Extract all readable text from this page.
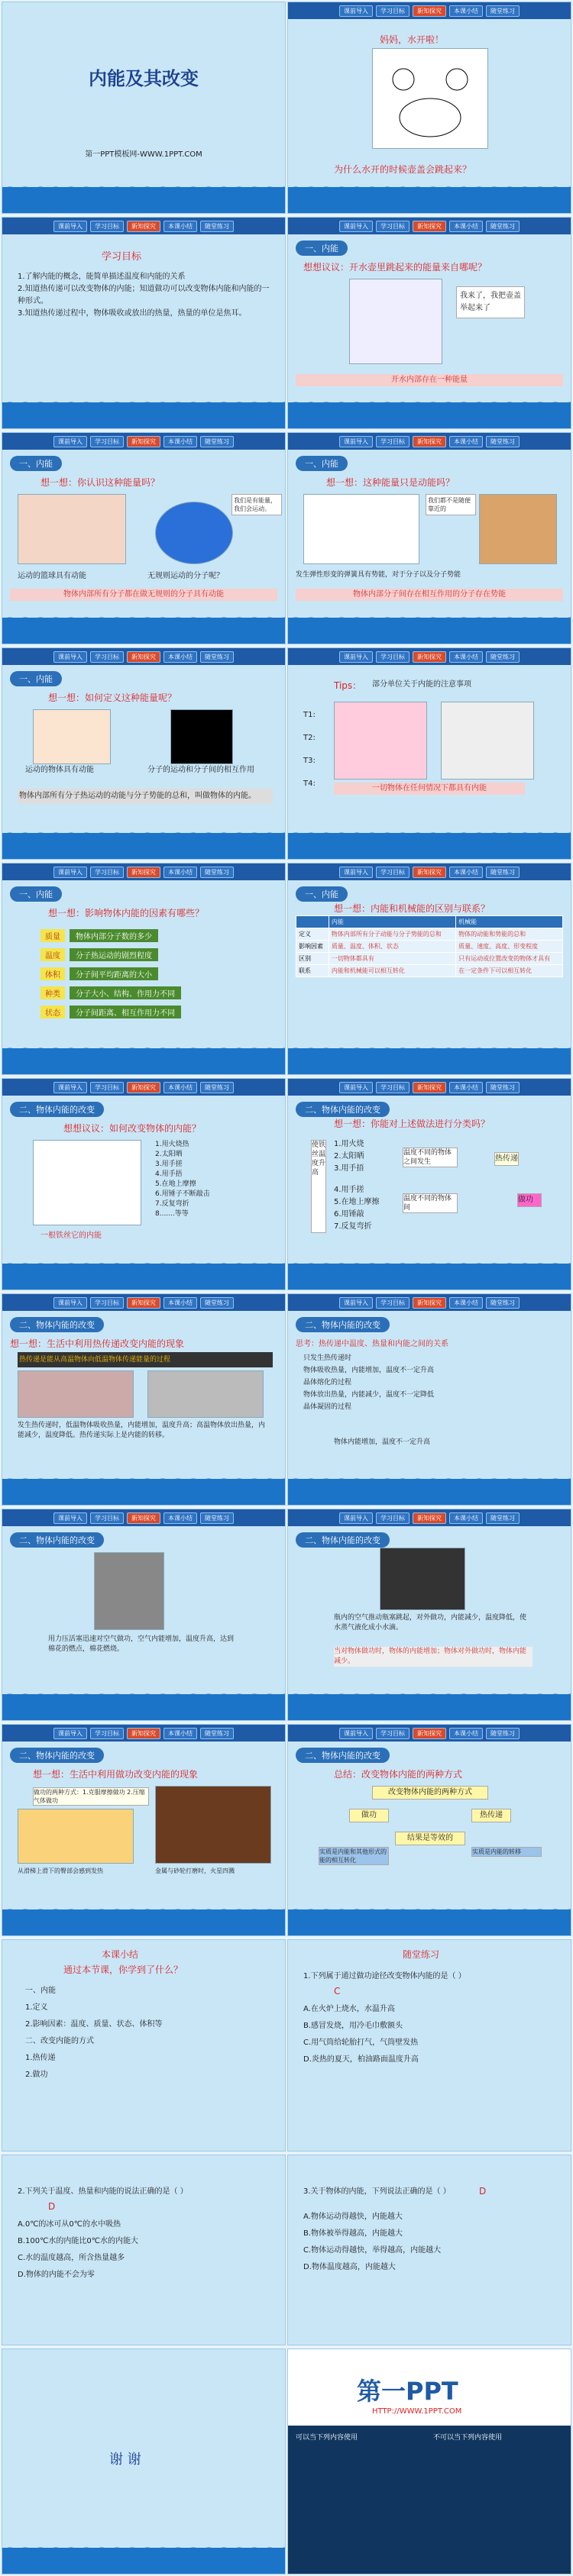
内能及其改变
第一PPT模板网-WWW.1PPT.COM
课前导入	学习目标	新知探究	本课小结	随堂练习
妈妈，水开啦！
为什么水开的时候壶盖会跳起来？
课前导入	学习目标	新知探究	本课小结	随堂练习
学习目标
1.了解内能的概念，能简单描述温度和内能的关系
2.知道热传递可以改变物体的内能；知道做功可以改变物体内能和内能的一种形式。
3.知道热传递过程中，物体吸收或放出的热量，热量的单位是焦耳。
课前导入	学习目标	新知探究	本课小结	随堂练习
一、内能
想想议议：开水壶里跳起来的能量来自哪呢？
我来了，我把壶盖举起来了
开水内部存在一种能量
课前导入	学习目标	新知探究	本课小结	随堂练习
一、内能
想一想：你认识这种能量吗？
我们是有能量，我们会运动。
运动的篮球具有动能	无规则运动的分子呢？
物体内部所有分子都在做无规则的分子具有动能
课前导入	学习目标	新知探究	本课小结	随堂练习
一、内能
想一想：这种能量只是动能吗？
我们都不是随便靠近的
发生弹性形变的弹簧具有势能，对于分子以及分子势能
物体内部分子间存在相互作用的分子存在势能
课前导入	学习目标	新知探究	本课小结	随堂练习
一、内能
想一想：如何定义这种能量呢？
运动的物体具有动能	分子的运动和分子间的相互作用
物体内部所有分子热运动的动能与分子势能的总和，叫做物体的内能。
课前导入	学习目标	新知探究	本课小结	随堂练习
Tips： 部分单位关于内能的注意事项
T1:
T2:
T3:
T4:
一切物体在任何情况下都具有内能
课前导入	学习目标	新知探究	本课小结	随堂练习
一、内能
想一想：影响物体内能的因素有哪些？
质量 物体内部分子数的多少
温度 分子热运动的剧烈程度
体积 分子间平均距离的大小
种类 分子大小、结构、作用力不同
状态 分子间距离、相互作用力不同
课前导入	学习目标	新知探究	本课小结	随堂练习
一、内能
想一想：内能和机械能的区别与联系？
	内能	机械能
定义	物体内部所有分子动能与分子势能的总和	物体的动能和势能的总和
影响因素	质量、温度、体积、状态	质量、速度、高度、形变程度
区别	一切物体都具有	只有运动或位置改变的物体才具有
联系	内能和机械能可以相互转化	在一定条件下可以相互转化
课前导入	学习目标	新知探究	本课小结	随堂练习
二、物体内能的改变
想想议议：如何改变物体的内能？
1.用火烧热
2.太阳晒
3.用手搓
4.用手捂
5.在地上摩擦
6.用锤子不断敲击
7.反复弯折
8.......等等
一根铁丝它的内能
课前导入	学习目标	新知探究	本课小结	随堂练习
二、物体内能的改变
想一想：你能对上述做法进行分类吗？
使铁丝温度升高
1.用火烧
2.太阳晒
3.用手捂
4.用手搓
5.在地上摩擦
6.用锤敲
7.反复弯折
温度不同的物体之间发生
温度不同的物体间
热传递
做功
课前导入	学习目标	新知探究	本课小结	随堂练习
二、物体内能的改变
想一想：生活中利用热传递改变内能的现象
热传递是能从高温物体向低温物体传递能量的过程
发生热传递时，低温物体吸收热量，内能增加，温度升高；高温物体放出热量，内能减少，温度降低。热传递实际上是内能的转移。
课前导入	学习目标	新知探究	本课小结	随堂练习
二、物体内能的改变
思考：热传递中温度、热量和内能之间的关系
只发生热传递时
物体吸收热量，内能增加，温度不一定升高
晶体熔化的过程
物体放出热量，内能减少，温度不一定降低
晶体凝固的过程
物体内能增加，温度不一定升高
课前导入	学习目标	新知探究	本课小结	随堂练习
二、物体内能的改变
用力压活塞迅速对空气做功，空气内能增加，温度升高，达到棉花的燃点，棉花燃烧。
课前导入	学习目标	新知探究	本课小结	随堂练习
二、物体内能的改变
瓶内的空气推动瓶塞跳起，对外做功，内能减少，温度降低，使水蒸气液化成小水滴。
当对物体做功时，物体的内能增加；物体对外做功时，物体内能减少。
课前导入	学习目标	新知探究	本课小结	随堂练习
二、物体内能的改变
想一想：生活中利用做功改变内能的现象
做功的两种方式：1.克服摩擦做功 2.压缩气体做功
从滑梯上滑下的臀部会感到发热	金属与砂轮打磨时，火星四溅
课前导入	学习目标	新知探究	本课小结	随堂练习
二、物体内能的改变
总结：改变物体内能的两种方式
改变物体内能的两种方式
做功	热传递
结果是等效的
实质是内能和其他形式的能的相互转化
实质是内能的转移
本课小结
通过本节课，你学到了什么？
一、内能
1.定义
2.影响因素：温度、质量、状态、体积等
二、改变内能的方式
1.热传递
2.做功
随堂练习
1.下列属于通过做功途径改变物体内能的是（ ）
C
A.在火炉上烧水，水温升高
B.感冒发烧，用冷毛巾敷额头
C.用气筒给轮胎打气，气筒壁发热
D.炎热的夏天，柏油路面温度升高
2.下列关于温度、热量和内能的说法正确的是（ ）
D
A.0℃的冰可从0℃的水中吸热
B.100℃水的内能比0℃水的内能大
C.水的温度越高，所含热量越多
D.物体的内能不会为零
3.关于物体的内能，下列说法正确的是（ ）	D
A.物体运动得越快，内能越大
B.物体被举得越高，内能越大
C.物体运动得越快，举得越高，内能越大
D.物体温度越高，内能越大
谢 谢
第一PPT
HTTP://WWW.1PPT.COM
可以当下列内容使用	不可以当下列内容使用
